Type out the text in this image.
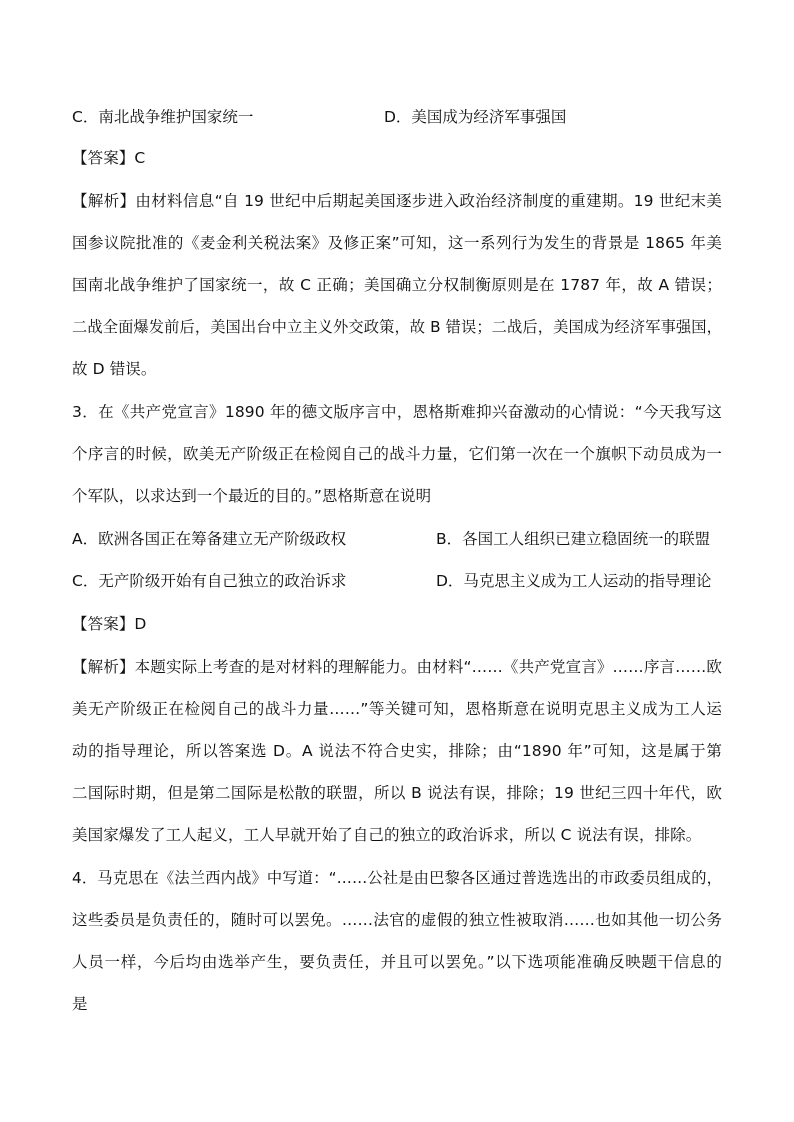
C．南北战争维护国家统一	D．美国成为经济军事强国
【答案】C
【解析】由材料信息“自 19 世纪中后期起美国逐步进入政治经济制度的重建期。19 世纪末美
国参议院批准的《麦金利关税法案》及修正案”可知，这一系列行为发生的背景是 1865 年美
国南北战争维护了国家统一，故 C 正确；美国确立分权制衡原则是在 1787 年，故 A 错误；
二战全面爆发前后，美国出台中立主义外交政策，故 B 错误；二战后，美国成为经济军事强国，
故 D 错误。
3．在《共产党宣言》1890 年的德文版序言中，恩格斯难抑兴奋激动的心情说：“今天我写这
个序言的时候，欧美无产阶级正在检阅自己的战斗力量，它们第一次在一个旗帜下动员成为一
个军队，以求达到一个最近的目的。”恩格斯意在说明
A．欧洲各国正在筹备建立无产阶级政权	B．各国工人组织已建立稳固统一的联盟
C．无产阶级开始有自己独立的政治诉求	D．马克思主义成为工人运动的指导理论
【答案】D
【解析】本题实际上考查的是对材料的理解能力。由材料“……《共产党宣言》……序言……欧
美无产阶级正在检阅自己的战斗力量……”等关键可知，恩格斯意在说明克思主义成为工人运
动的指导理论，所以答案选 D。A 说法不符合史实，排除；由“1890 年”可知，这是属于第
二国际时期，但是第二国际是松散的联盟，所以 B 说法有误，排除；19 世纪三四十年代，欧
美国家爆发了工人起义，工人早就开始了自己的独立的政治诉求，所以 C 说法有误，排除。
4．马克思在《法兰西内战》中写道：“……公社是由巴黎各区通过普选选出的市政委员组成的，
这些委员是负责任的，随时可以罢免。……法官的虚假的独立性被取消……也如其他一切公务
人员一样，今后均由选举产生，要负责任，并且可以罢免。”以下选项能准确反映题干信息的
是
